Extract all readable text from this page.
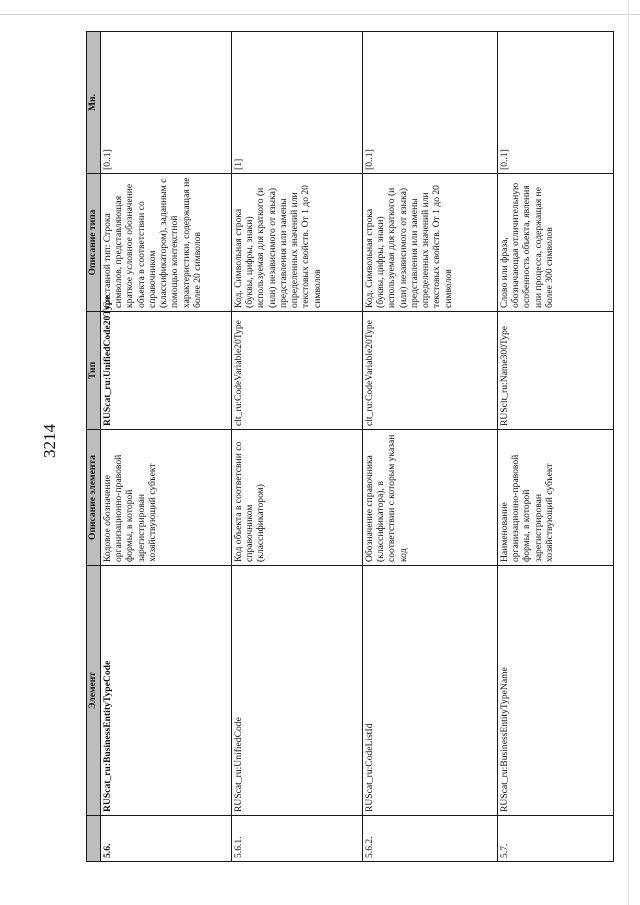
3214
	Элемент	Описание элемента	Тип	Описание типа	Мн.
5.6.	RUScat_ru:BusinessEntityTypeCode	Кодовое обозначение организационно-правовой формы, в которой зарегистрирован хозяйствующий субъект	RUScat_ru:UnifiedCode20Type	Составной тип: Строка символов, представляющая краткое условное обозначение объекта в соответствии со справочником (классификатором), заданным с помощью контекстной характеристики, содержащая не более 20 символов	[0..1]
5.6.1.	RUScat_ru:UnifiedCode	Код объекта в соответсвии со справочником (классификатором)	clt_ru:CodeVariable20Type	Код. Символьная строка (буквы, цифры, знаки) используемая для краткого (и (или) независимого от языка) представления или замены определенных значений или текстовых свойств. От 1 до 20 символов	[1]
5.6.2.	RUScat_ru:CodeListId	Обозначение справочника (классификатора), в соответствии с которым указан код	clt_ru:CodeVariable20Type	Код. Символьная строка (буквы, цифры, знаки) используемая для краткого (и (или) независимого от языка) представления или замены определенных значений или текстовых свойств. От 1 до 20 символов	[0..1]
5.7.	RUScat_ru:BusinessEntityTypeName	Наименование организационно-правовой формы, в которой зарегистрирован хозяйствующий субъект	RUSclt_ru:Name300Type	Слово или фраза, обозначающая отличительную особенность объекта, явления или процесса, содержащая не более 300 символов	[0..1]
